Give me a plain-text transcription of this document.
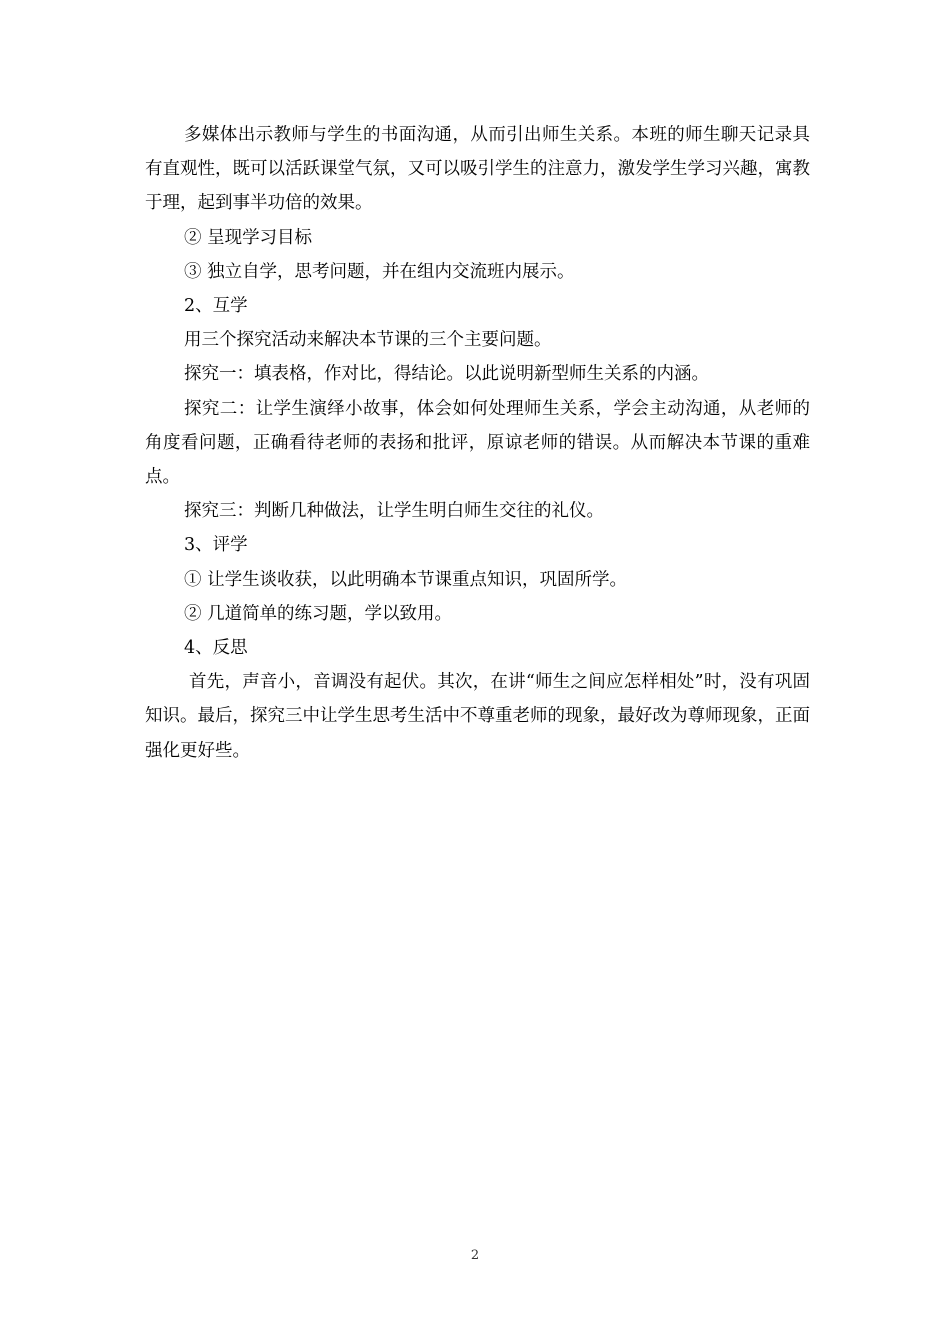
多媒体出示教师与学生的书面沟通，从而引出师生关系。本班的师生聊天记录具有直观性，既可以活跃课堂气氛，又可以吸引学生的注意力，激发学生学习兴趣，寓教于理，起到事半功倍的效果。

② 呈现学习目标

③ 独立自学，思考问题，并在组内交流班内展示。

2、互学

用三个探究活动来解决本节课的三个主要问题。

探究一：填表格，作对比，得结论。以此说明新型师生关系的内涵。

探究二：让学生演绎小故事，体会如何处理师生关系，学会主动沟通，从老师的角度看问题，正确看待老师的表扬和批评，原谅老师的错误。从而解决本节课的重难点。

探究三：判断几种做法，让学生明白师生交往的礼仪。

3、评学

① 让学生谈收获，以此明确本节课重点知识，巩固所学。

② 几道简单的练习题，学以致用。

4、反思

首先，声音小，音调没有起伏。其次，在讲“师生之间应怎样相处”时，没有巩固知识。最后，探究三中让学生思考生活中不尊重老师的现象，最好改为尊师现象，正面强化更好些。

2
